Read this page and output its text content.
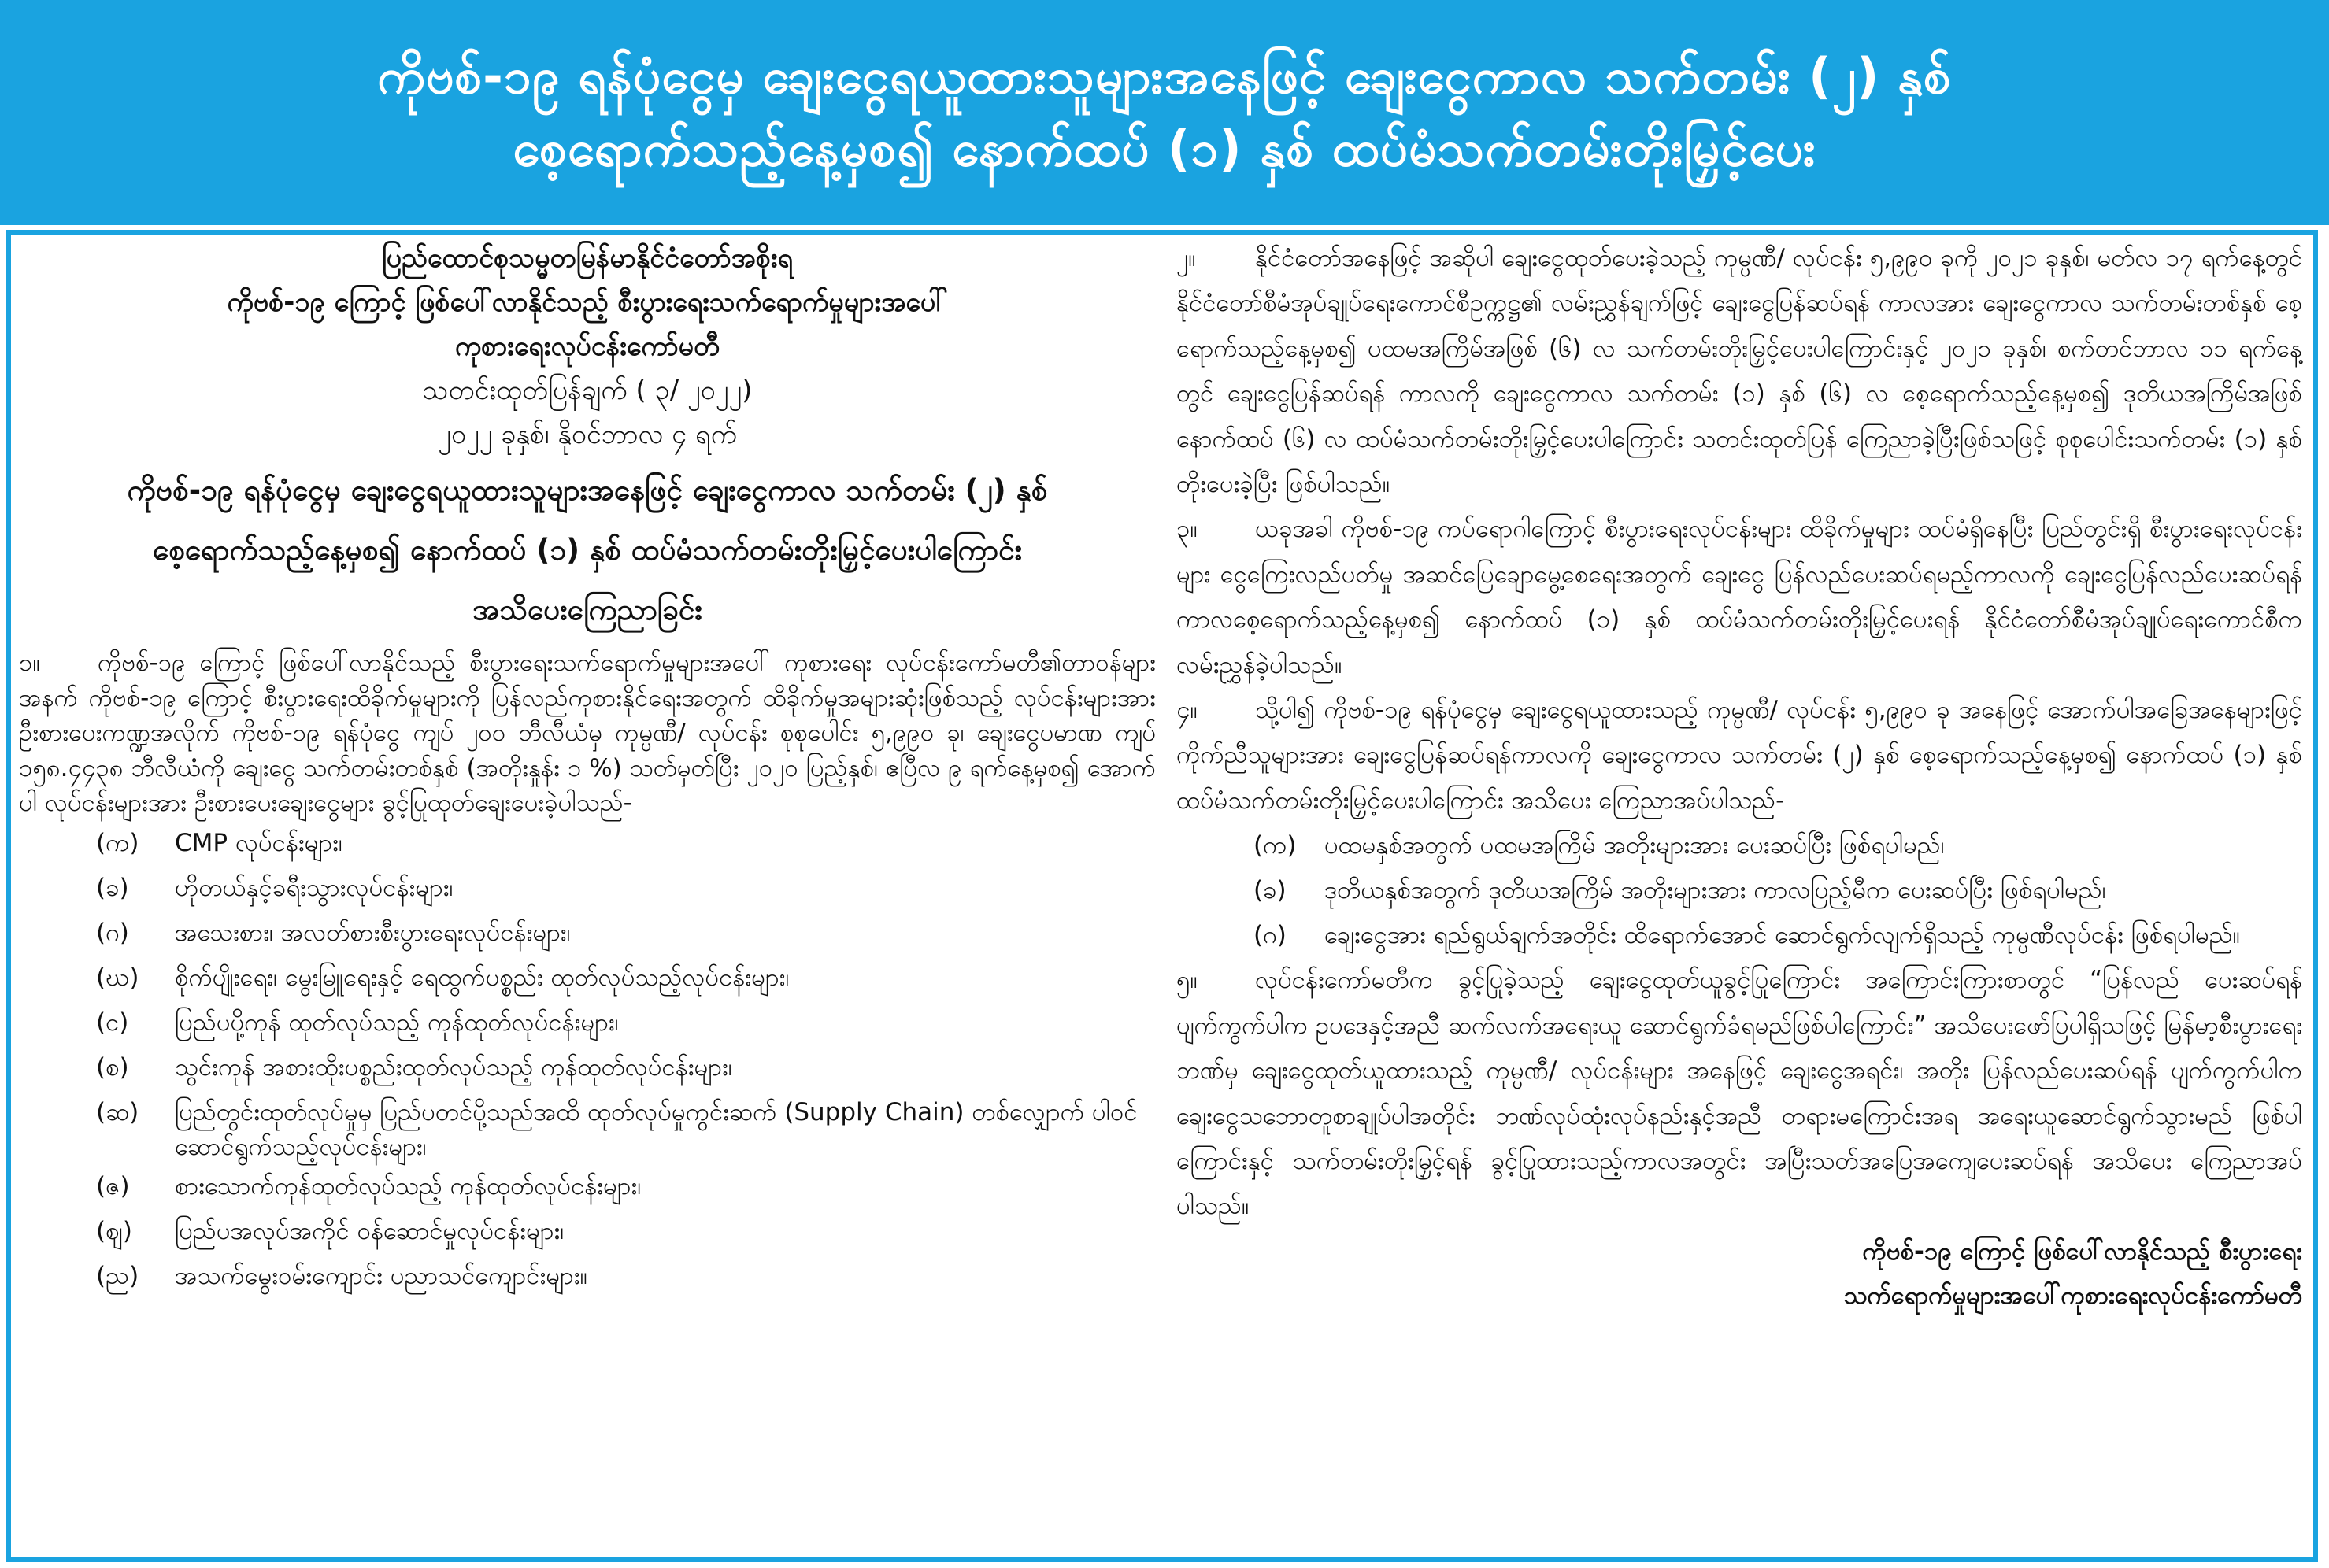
ကိုဗစ်-၁၉ ရန်ပုံငွေမှ ချေးငွေရယူထားသူများအနေဖြင့် ချေးငွေကာလ သက်တမ်း (၂) နှစ်
စေ့ရောက်သည့်နေ့မှစ၍ နောက်ထပ် (၁) နှစ် ထပ်မံသက်တမ်းတိုးမြှင့်ပေး
ပြည်ထောင်စုသမ္မတမြန်မာနိုင်ငံတော်အစိုးရ
ကိုဗစ်-၁၉ ကြောင့် ဖြစ်ပေါ်လာနိုင်သည့် စီးပွားရေးသက်ရောက်မှုများအပေါ်
ကုစားရေးလုပ်ငန်းကော်မတီ
သတင်းထုတ်ပြန်ချက် ( ၃/ ၂၀၂၂)
၂၀၂၂ ခုနှစ်၊ နိုဝင်ဘာလ ၄ ရက်
ကိုဗစ်-၁၉ ရန်ပုံငွေမှ ချေးငွေရယူထားသူများအနေဖြင့် ချေးငွေကာလ သက်တမ်း (၂) နှစ်
စေ့ရောက်သည့်နေ့မှစ၍ နောက်ထပ် (၁) နှစ် ထပ်မံသက်တမ်းတိုးမြှင့်ပေးပါကြောင်း
အသိပေးကြေညာခြင်း
၁။ ကိုဗစ်-၁၉ ကြောင့် ဖြစ်ပေါ်လာနိုင်သည့် စီးပွားရေးသက်ရောက်မှုများအပေါ် ကုစားရေး လုပ်ငန်းကော်မတီ၏တာဝန်များအနက် ကိုဗစ်-၁၉ ကြောင့် စီးပွားရေးထိခိုက်မှုများကို ပြန်လည်ကုစားနိုင်ရေးအတွက် ထိခိုက်မှုအများဆုံးဖြစ်သည့် လုပ်ငန်းများအား ဦးစားပေးကဏ္ဍအလိုက် ကိုဗစ်-၁၉ ရန်ပုံငွေ ကျပ် ၂၀၀ ဘီလီယံမှ ကုမ္ပဏီ/ လုပ်ငန်း စုစုပေါင်း ၅,၉၉၀ ခု၊ ချေးငွေပမာဏ ကျပ် ၁၅၈.၄၄၃၈ ဘီလီယံကို ချေးငွေ သက်တမ်းတစ်နှစ် (အတိုးနှုန်း ၁ %) သတ်မှတ်ပြီး ၂၀၂၀ ပြည့်နှစ်၊ ဧပြီလ ၉ ရက်နေ့မှစ၍ အောက်ပါ လုပ်ငန်းများအား ဦးစားပေးချေးငွေများ ခွင့်ပြုထုတ်ချေးပေးခဲ့ပါသည်-
(က)	CMP လုပ်ငန်းများ၊
(ခ)	ဟိုတယ်နှင့်ခရီးသွားလုပ်ငန်းများ၊
(ဂ)	အသေးစား၊ အလတ်စားစီးပွားရေးလုပ်ငန်းများ၊
(ဃ)	စိုက်ပျိုးရေး၊ မွေးမြူရေးနှင့် ရေထွက်ပစ္စည်း ထုတ်လုပ်သည့်လုပ်ငန်းများ၊
(င)	ပြည်ပပို့ကုန် ထုတ်လုပ်သည့် ကုန်ထုတ်လုပ်ငန်းများ၊
(စ)	သွင်းကုန် အစားထိုးပစ္စည်းထုတ်လုပ်သည့် ကုန်ထုတ်လုပ်ငန်းများ၊
(ဆ)	ပြည်တွင်းထုတ်လုပ်မှုမှ ပြည်ပတင်ပို့သည်အထိ ထုတ်လုပ်မှုကွင်းဆက် (Supply Chain) တစ်လျှောက် ပါဝင်ဆောင်ရွက်သည့်လုပ်ငန်းများ၊
(ဇ)	စားသောက်ကုန်ထုတ်လုပ်သည့် ကုန်ထုတ်လုပ်ငန်းများ၊
(ဈ)	ပြည်ပအလုပ်အကိုင် ဝန်ဆောင်မှုလုပ်ငန်းများ၊
(ည)	အသက်မွေးဝမ်းကျောင်း ပညာသင်ကျောင်းများ။
၂။ နိုင်ငံတော်အနေဖြင့် အဆိုပါ ချေးငွေထုတ်ပေးခဲ့သည့် ကုမ္ပဏီ/ လုပ်ငန်း ၅,၉၉၀ ခုကို ၂၀၂၁ ခုနှစ်၊ မတ်လ ၁၇ ရက်နေ့တွင် နိုင်ငံတော်စီမံအုပ်ချုပ်ရေးကောင်စီဥက္ကဋ္ဌ၏ လမ်းညွှန်ချက်ဖြင့် ချေးငွေပြန်ဆပ်ရန် ကာလအား ချေးငွေကာလ သက်တမ်းတစ်နှစ် စေ့ရောက်သည့်နေ့မှစ၍ ပထမအကြိမ်အဖြစ် (၆) လ သက်တမ်းတိုးမြှင့်ပေးပါကြောင်းနှင့် ၂၀၂၁ ခုနှစ်၊ စက်တင်ဘာလ ၁၁ ရက်နေ့တွင် ချေးငွေပြန်ဆပ်ရန် ကာလကို ချေးငွေကာလ သက်တမ်း (၁) နှစ် (၆) လ စေ့ရောက်သည့်နေ့မှစ၍ ဒုတိယအကြိမ်အဖြစ် နောက်ထပ် (၆) လ ထပ်မံသက်တမ်းတိုးမြှင့်ပေးပါကြောင်း သတင်းထုတ်ပြန် ကြေညာခဲ့ပြီးဖြစ်သဖြင့် စုစုပေါင်းသက်တမ်း (၁) နှစ် တိုးပေးခဲ့ပြီး ဖြစ်ပါသည်။
၃။ ယခုအခါ ကိုဗစ်-၁၉ ကပ်ရောဂါကြောင့် စီးပွားရေးလုပ်ငန်းများ ထိခိုက်မှုများ ထပ်မံရှိနေပြီး ပြည်တွင်းရှိ စီးပွားရေးလုပ်ငန်းများ ငွေကြေးလည်ပတ်မှု အဆင်ပြေချောမွေ့စေရေးအတွက် ချေးငွေ ပြန်လည်ပေးဆပ်ရမည့်ကာလကို ချေးငွေပြန်လည်ပေးဆပ်ရန် ကာလစေ့ရောက်သည့်နေ့မှစ၍ နောက်ထပ် (၁) နှစ် ထပ်မံသက်တမ်းတိုးမြှင့်ပေးရန် နိုင်ငံတော်စီမံအုပ်ချုပ်ရေးကောင်စီက လမ်းညွှန်ခဲ့ပါသည်။
၄။ သို့ပါ၍ ကိုဗစ်-၁၉ ရန်ပုံငွေမှ ချေးငွေရယူထားသည့် ကုမ္ပဏီ/ လုပ်ငန်း ၅,၉၉၀ ခု အနေဖြင့် အောက်ပါအခြေအနေများဖြင့် ကိုက်ညီသူများအား ချေးငွေပြန်ဆပ်ရန်ကာလကို ချေးငွေကာလ သက်တမ်း (၂) နှစ် စေ့ရောက်သည့်နေ့မှစ၍ နောက်ထပ် (၁) နှစ် ထပ်မံသက်တမ်းတိုးမြှင့်ပေးပါကြောင်း အသိပေး ကြေညာအပ်ပါသည်-
(က)	ပထမနှစ်အတွက် ပထမအကြိမ် အတိုးများအား ပေးဆပ်ပြီး ဖြစ်ရပါမည်၊
(ခ)	ဒုတိယနှစ်အတွက် ဒုတိယအကြိမ် အတိုးများအား ကာလပြည့်မီက ပေးဆပ်ပြီး ဖြစ်ရပါမည်၊
(ဂ)	ချေးငွေအား ရည်ရွယ်ချက်အတိုင်း ထိရောက်အောင် ဆောင်ရွက်လျက်ရှိသည့် ကုမ္ပဏီလုပ်ငန်း ဖြစ်ရပါမည်။
၅။ လုပ်ငန်းကော်မတီက ခွင့်ပြုခဲ့သည့် ချေးငွေထုတ်ယူခွင့်ပြုကြောင်း အကြောင်းကြားစာတွင် “ပြန်လည် ပေးဆပ်ရန် ပျက်ကွက်ပါက ဥပဒေနှင့်အညီ ဆက်လက်အရေးယူ ဆောင်ရွက်ခံရမည်ဖြစ်ပါကြောင်း” အသိပေးဖော်ပြပါရှိသဖြင့် မြန်မာ့စီးပွားရေးဘဏ်မှ ချေးငွေထုတ်ယူထားသည့် ကုမ္ပဏီ/ လုပ်ငန်းများ အနေဖြင့် ချေးငွေအရင်း၊ အတိုး ပြန်လည်ပေးဆပ်ရန် ပျက်ကွက်ပါက ချေးငွေသဘောတူစာချုပ်ပါအတိုင်း ဘဏ်လုပ်ထုံးလုပ်နည်းနှင့်အညီ တရားမကြောင်းအရ အရေးယူဆောင်ရွက်သွားမည် ဖြစ်ပါကြောင်းနှင့် သက်တမ်းတိုးမြှင့်ရန် ခွင့်ပြုထားသည့်ကာလအတွင်း အပြီးသတ်အပြေအကျေပေးဆပ်ရန် အသိပေး ကြေညာအပ်ပါသည်။
ကိုဗစ်-၁၉ ကြောင့် ဖြစ်ပေါ်လာနိုင်သည့် စီးပွားရေး
သက်ရောက်မှုများအပေါ်ကုစားရေးလုပ်ငန်းကော်မတီ
